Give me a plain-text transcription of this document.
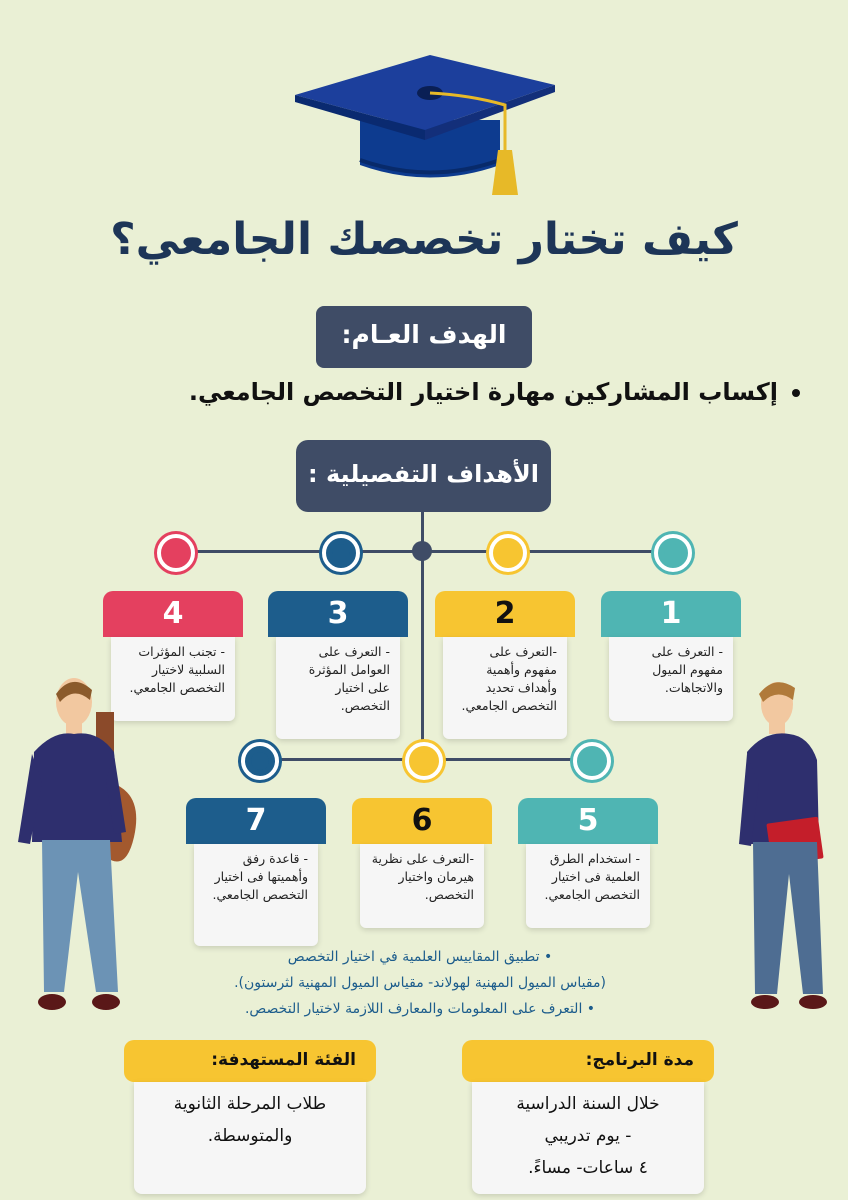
كيف تختار تخصصك الجامعي؟
الهدف العـام:
إكساب المشاركين مهارة اختيار التخصص الجامعي.
الأهداف التفصيلية :
1
- التعرف على مفهوم الميول والاتجاهات.
2
-التعرف على مفهوم وأهمية وأهداف تحديد التخصص الجامعي.
3
- التعرف على العوامل المؤثرة على اختيار التخصص.
4
- تجنب المؤثرات السلبية لاختيار التخصص الجامعي.
5
- استخدام الطرق العلمية فى اختيار التخصص الجامعي.
6
-التعرف على نظرية هيرمان واختيار التخصص.
7
- قاعدة رفق وأهميتها فى اختيار التخصص الجامعي.
• تطبيق المقاييس العلمية في اختيار التخصص
(مقياس الميول المهنية لهولاند- مقياس الميول المهنية لثرستون).
• التعرف على المعلومات والمعارف اللازمة لاختيار التخصص.
مدة البرنامج:
خلال السنة الدراسية
- يوم تدريبي
٤ ساعات- مساءً.
الفئة المستهدفة:
طلاب المرحلة الثانوية
والمتوسطة.
